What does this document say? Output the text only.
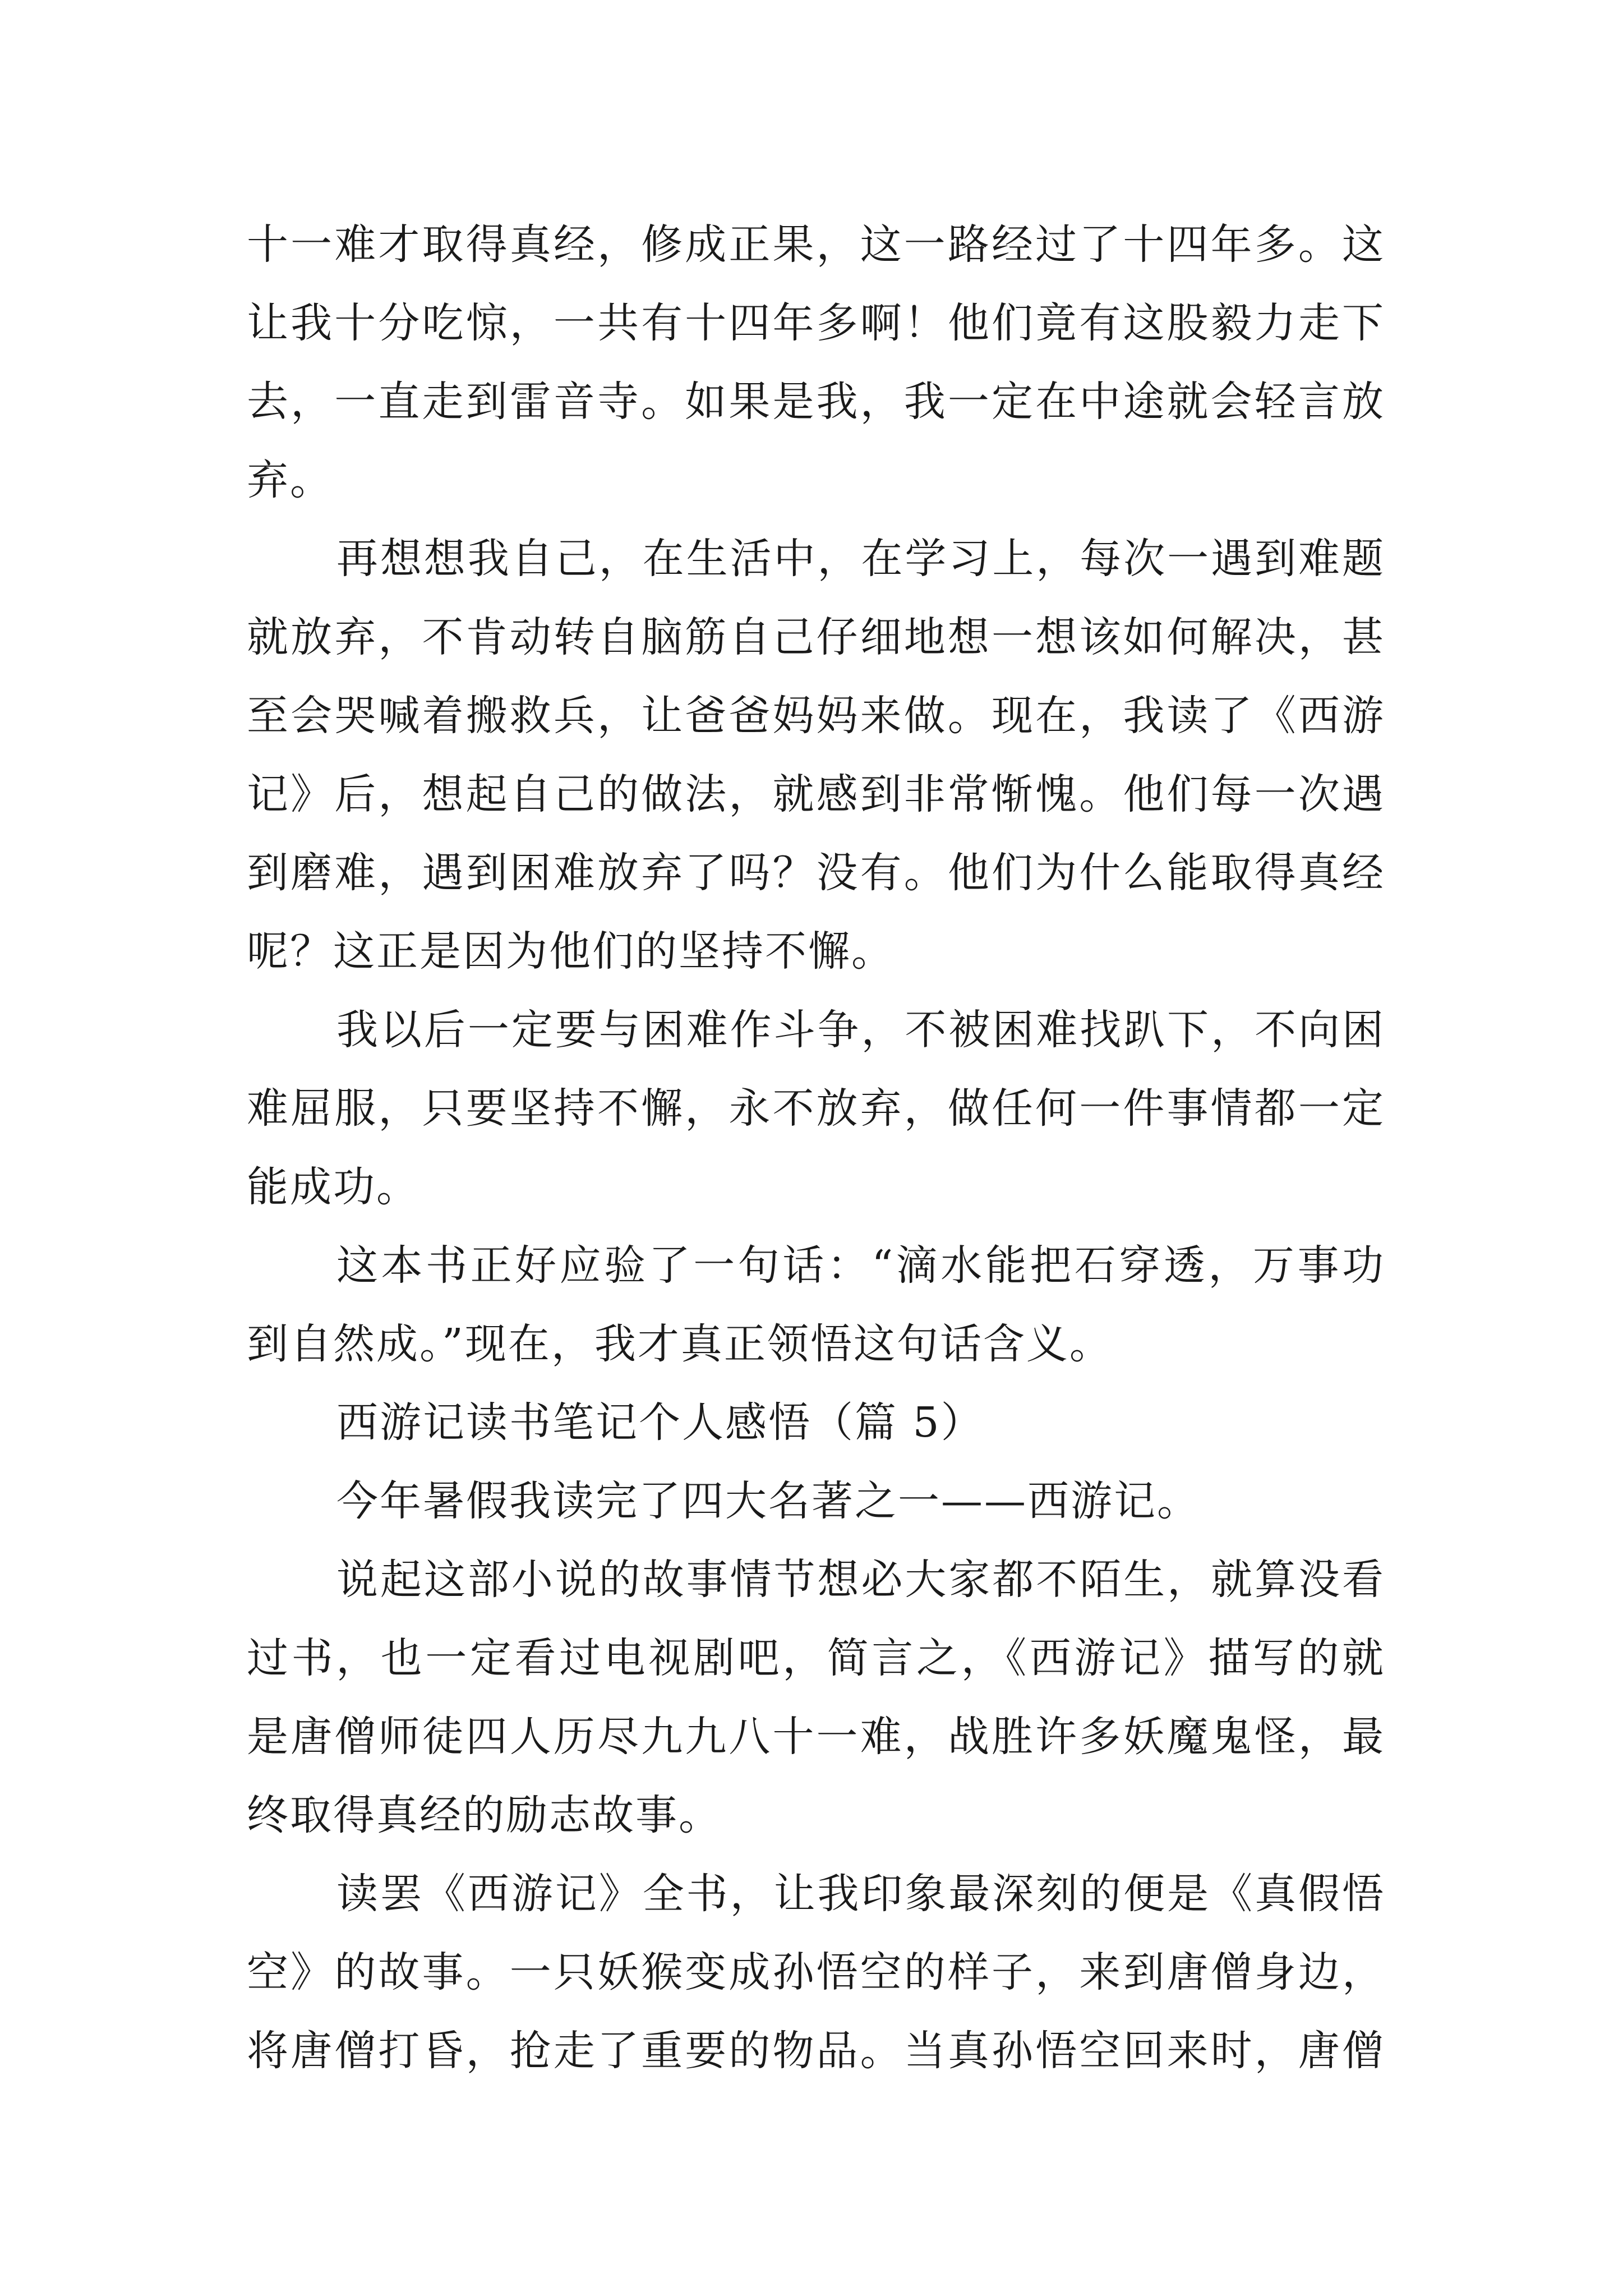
十一难才取得真经，修成正果，这一路经过了十四年多。这
让我十分吃惊，一共有十四年多啊！他们竟有这股毅力走下
去，一直走到雷音寺。如果是我，我一定在中途就会轻言放
弃。
再想想我自己，在生活中，在学习上，每次一遇到难题
就放弃，不肯动转自脑筋自己仔细地想一想该如何解决，甚
至会哭喊着搬救兵，让爸爸妈妈来做。现在，我读了《西游
记》后，想起自己的做法，就感到非常惭愧。他们每一次遇
到磨难，遇到困难放弃了吗？没有。他们为什么能取得真经
呢？这正是因为他们的坚持不懈。
我以后一定要与困难作斗争，不被困难找趴下，不向困
难屈服，只要坚持不懈，永不放弃，做任何一件事情都一定
能成功。
这本书正好应验了一句话：“滴水能把石穿透，万事功
到自然成。”现在，我才真正领悟这句话含义。
西游记读书笔记个人感悟（篇 5）
今年暑假我读完了四大名著之一——西游记。
说起这部小说的故事情节想必大家都不陌生，就算没看
过书，也一定看过电视剧吧，简言之，《西游记》描写的就
是唐僧师徒四人历尽九九八十一难，战胜许多妖魔鬼怪，最
终取得真经的励志故事。
读罢《西游记》全书，让我印象最深刻的便是《真假悟
空》的故事。一只妖猴变成孙悟空的样子，来到唐僧身边，
将唐僧打昏，抢走了重要的物品。当真孙悟空回来时，唐僧
